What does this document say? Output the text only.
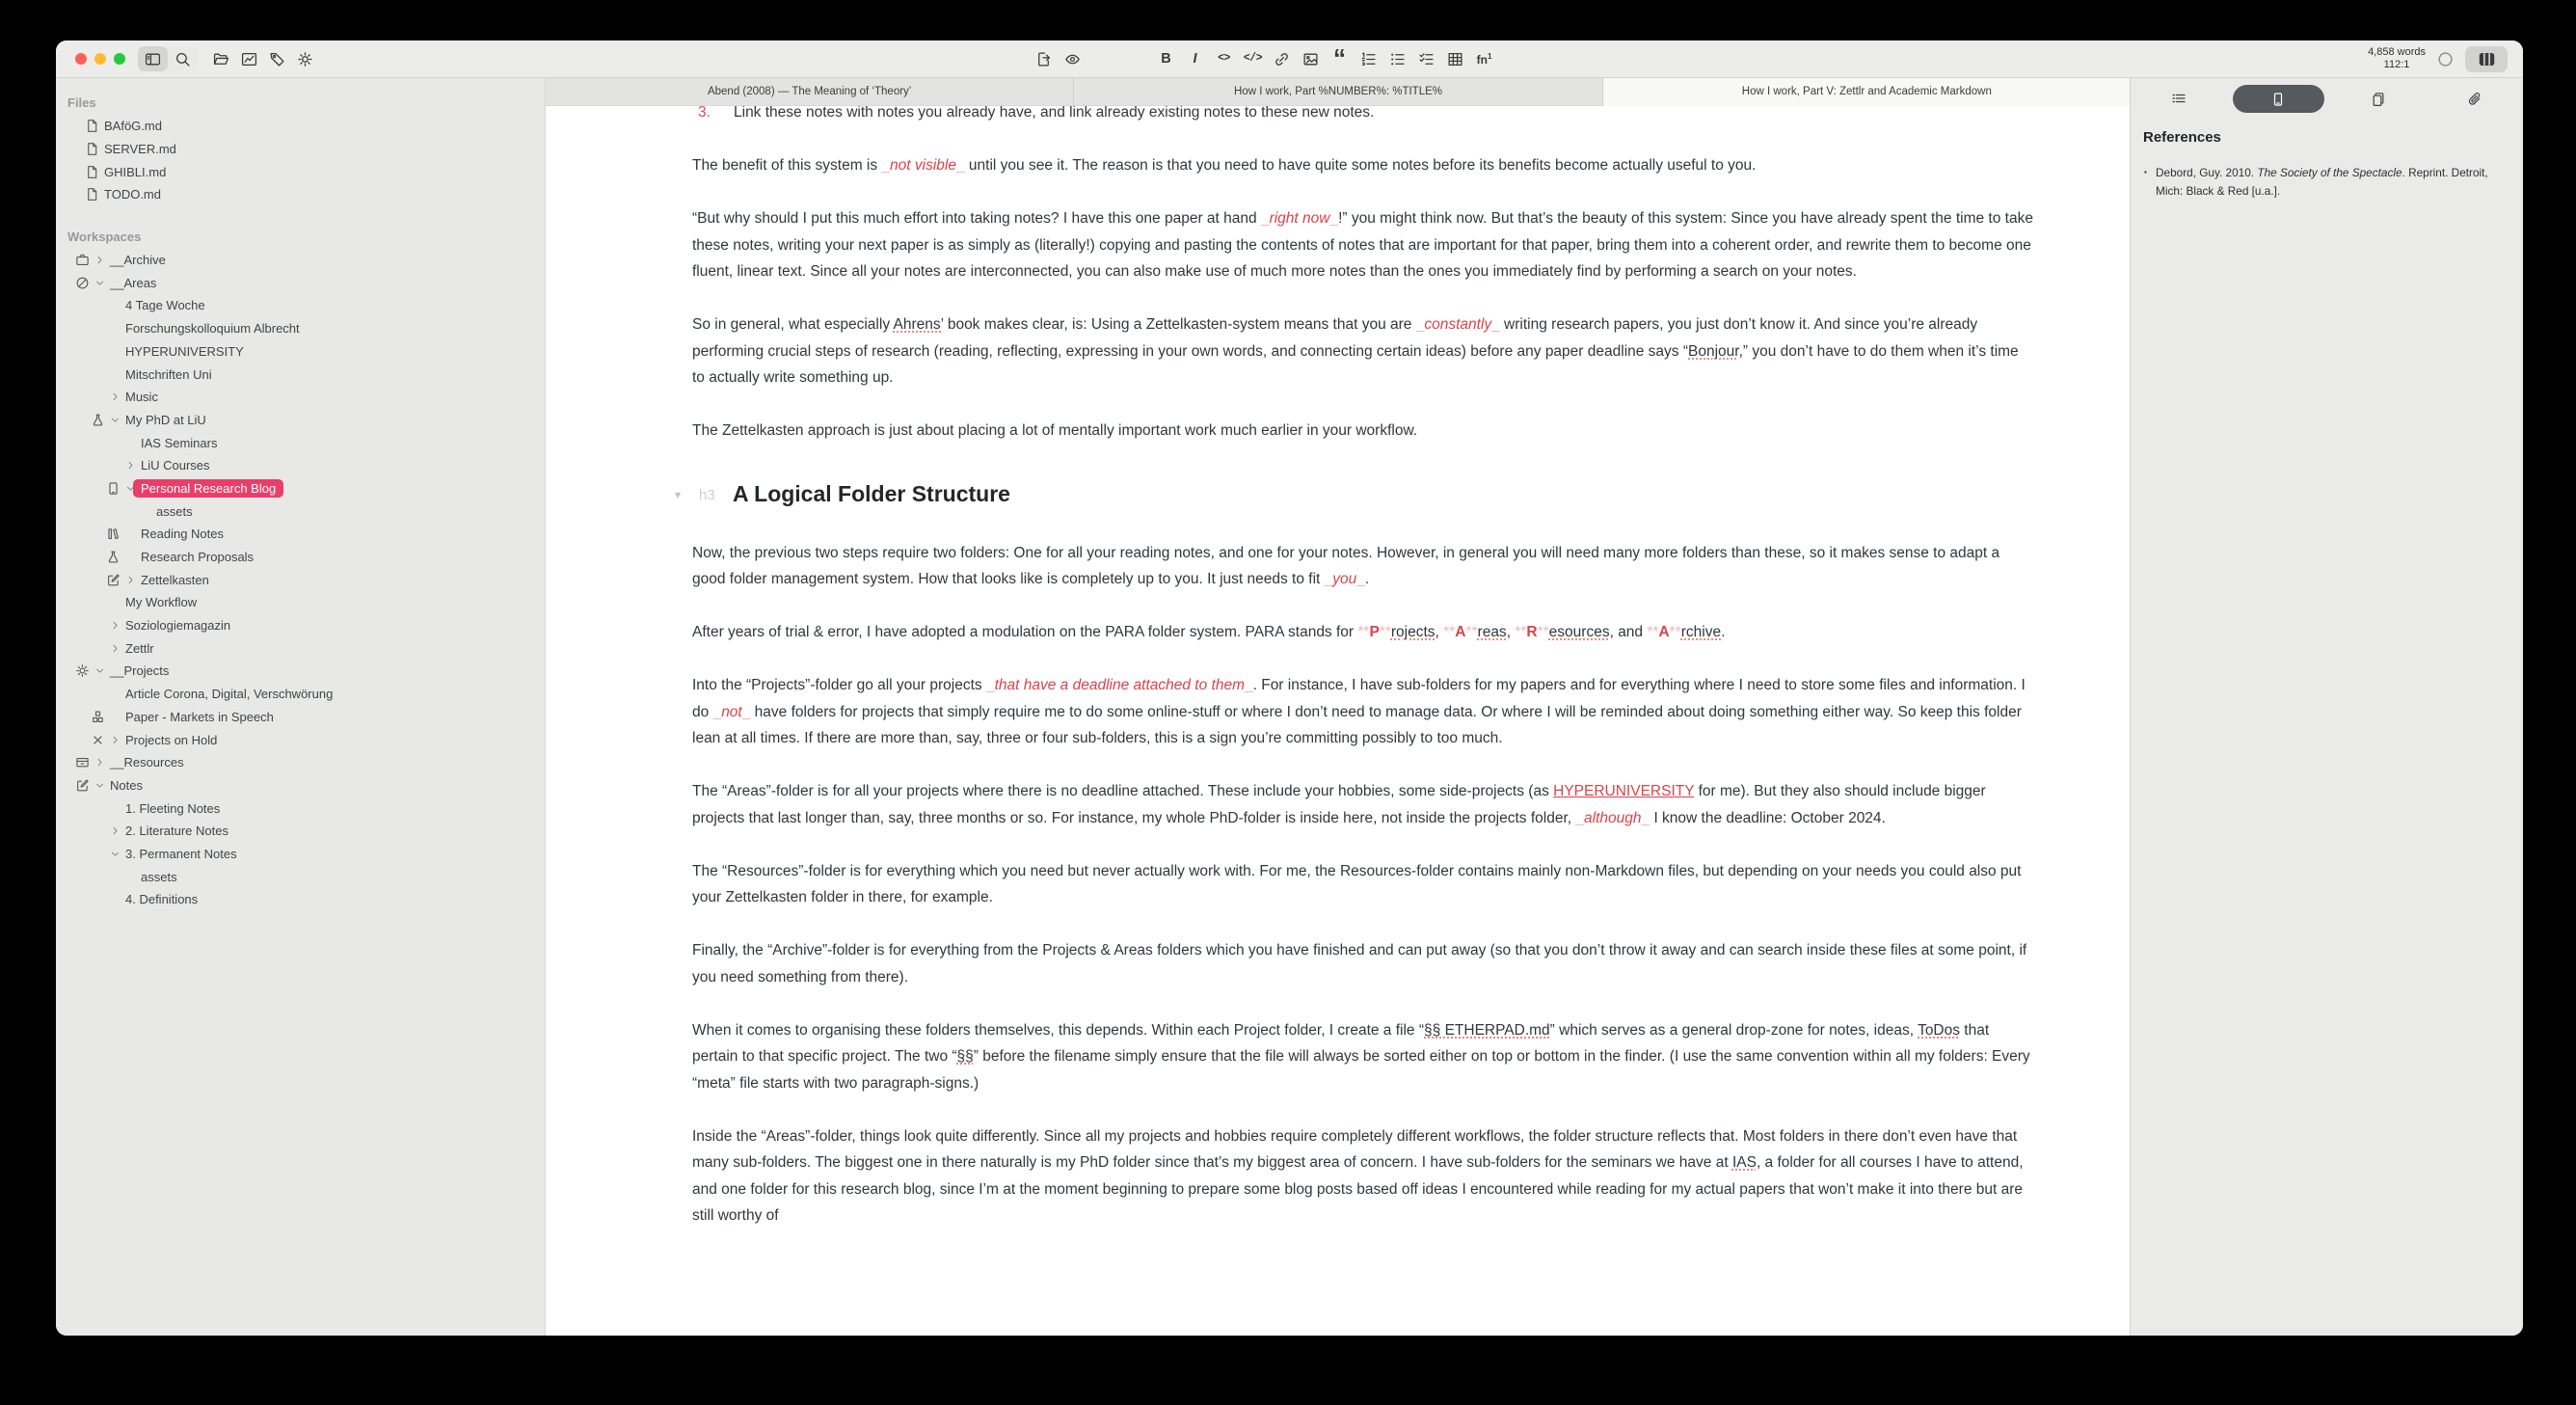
B I <> </>	“	$fn^1$	4,858 words
112:1
Files
BAföG.md
SERVER.md
GHIBLI.md
TODO.md
Workspaces
__Archive
__Areas
4 Tage Woche
Forschungskolloquium Albrecht
HYPERUNIVERSITY
Mitschriften Uni
Music
My PhD at LiU
IAS Seminars
LiU Courses
Personal Research Blog
assets
Reading Notes
Research Proposals
Zettelkasten
My Workflow
Soziologiemagazin
Zettlr
__Projects
Article Corona, Digital, Verschwörung
Paper - Markets in Speech
Projects on Hold
__Resources
Notes
1. Fleeting Notes
2. Literature Notes
3. Permanent Notes
assets
4. Definitions
Abend (2008) — The Meaning of ‘Theory’	How I work, Part %NUMBER%: %TITLE%	How I work, Part V: Zettlr and Academic Markdown
3. Link these notes with notes you already have, and link already existing notes to these new notes.
The benefit of this system is _not visible_ until you see it. The reason is that you need to have quite some notes before its benefits become actually useful to you.
“But why should I put this much effort into taking notes? I have this one paper at hand _right now_!” you might think now. But that’s the beauty of this system: Since you have already spent the time to take these notes, writing your next paper is as simply as (literally!) copying and pasting the contents of notes that are important for that paper, bring them into a coherent order, and rewrite them to become one fluent, linear text. Since all your notes are interconnected, you can also make use of much more notes than the ones you immediately find by performing a search on your notes.
So in general, what especially Ahrens’ book makes clear, is: Using a Zettelkasten-system means that you are _constantly_ writing research papers, you just don’t know it. And since you’re already performing crucial steps of research (reading, reflecting, expressing in your own words, and connecting certain ideas) before any paper deadline says “Bonjour,” you don’t have to do them when it’s time to actually write something up.
The Zettelkasten approach is just about placing a lot of mentally important work much earlier in your workflow.
▾ h3 A Logical Folder Structure
Now, the previous two steps require two folders: One for all your reading notes, and one for your notes. However, in general you will need many more folders than these, so it makes sense to adapt a good folder management system. How that looks like is completely up to you. It just needs to fit _you_.
After years of trial & error, I have adopted a modulation on the PARA folder system. PARA stands for **P**rojects, **A**reas, **R**esources, and **A**rchive.
Into the “Projects”-folder go all your projects _that have a deadline attached to them_. For instance, I have sub-folders for my papers and for everything where I need to store some files and information. I do _not_ have folders for projects that simply require me to do some online-stuff or where I don’t need to manage data. Or where I will be reminded about doing something either way. So keep this folder lean at all times. If there are more than, say, three or four sub-folders, this is a sign you’re committing possibly to too much.
The “Areas”-folder is for all your projects where there is no deadline attached. These include your hobbies, some side-projects (as HYPERUNIVERSITY for me). But they also should include bigger projects that last longer than, say, three months or so. For instance, my whole PhD-folder is inside here, not inside the projects folder, _although_ I know the deadline: October 2024.
The “Resources”-folder is for everything which you need but never actually work with. For me, the Resources-folder contains mainly non-Markdown files, but depending on your needs you could also put your Zettelkasten folder in there, for example.
Finally, the “Archive”-folder is for everything from the Projects & Areas folders which you have finished and can put away (so that you don’t throw it away and can search inside these files at some point, if you need something from there).
When it comes to organising these folders themselves, this depends. Within each Project folder, I create a file “§§ ETHERPAD.md” which serves as a general drop-zone for notes, ideas, ToDos that pertain to that specific project. The two “§§” before the filename simply ensure that the file will always be sorted either on top or bottom in the finder. (I use the same convention within all my folders: Every “meta” file starts with two paragraph-signs.)
Inside the “Areas”-folder, things look quite differently. Since all my projects and hobbies require completely different workflows, the folder structure reflects that. Most folders in there don’t even have that many sub-folders. The biggest one in there naturally is my PhD folder since that’s my biggest area of concern. I have sub-folders for the seminars we have at IAS, a folder for all courses I have to attend, and one folder for this research blog, since I’m at the moment beginning to prepare some blog posts based off ideas I encountered while reading for my actual papers that won’t make it into there but are still worthy of
References
▪ Debord, Guy. 2010. The Society of the Spectacle. Reprint. Detroit, Mich: Black & Red [u.a.].
